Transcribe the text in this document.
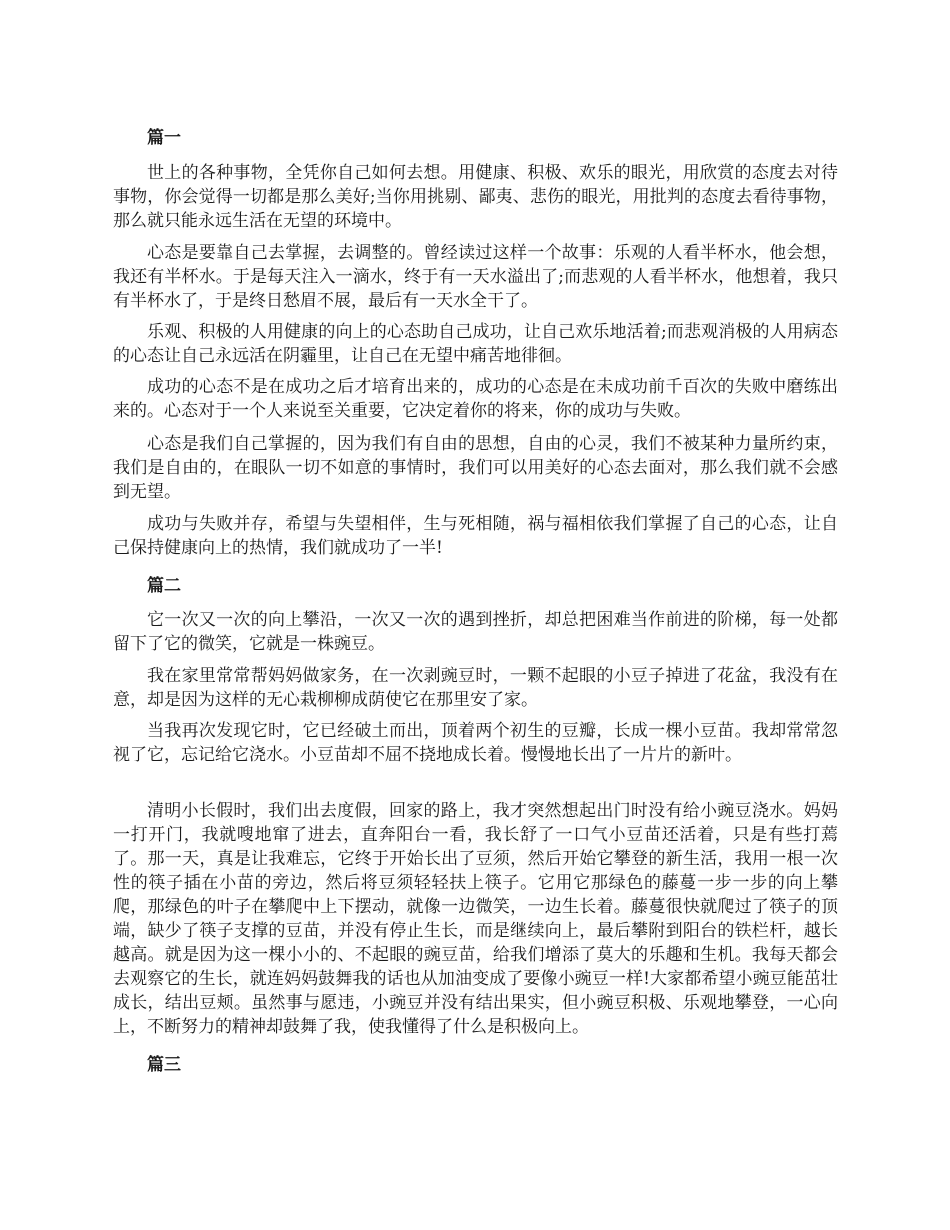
篇一

世上的各种事物，全凭你自己如何去想。用健康、积极、欢乐的眼光，用欣赏的态度去对待事物，你会觉得一切都是那么美好;当你用挑剔、鄙夷、悲伤的眼光，用批判的态度去看待事物，那么就只能永远生活在无望的环境中。

心态是要靠自己去掌握，去调整的。曾经读过这样一个故事：乐观的人看半杯水，他会想，我还有半杯水。于是每天注入一滴水，终于有一天水溢出了;而悲观的人看半杯水，他想着，我只有半杯水了，于是终日愁眉不展，最后有一天水全干了。

乐观、积极的人用健康的向上的心态助自己成功，让自己欢乐地活着;而悲观消极的人用病态的心态让自己永远活在阴霾里，让自己在无望中痛苦地徘徊。

成功的心态不是在成功之后才培育出来的，成功的心态是在未成功前千百次的失败中磨练出来的。心态对于一个人来说至关重要，它决定着你的将来，你的成功与失败。

心态是我们自己掌握的，因为我们有自由的思想，自由的心灵，我们不被某种力量所约束，我们是自由的，在眼队一切不如意的事情时，我们可以用美好的心态去面对，那么我们就不会感到无望。

成功与失败并存，希望与失望相伴，生与死相随，祸与福相依我们掌握了自己的心态，让自己保持健康向上的热情，我们就成功了一半!

篇二

它一次又一次的向上攀沿，一次又一次的遇到挫折，却总把困难当作前进的阶梯，每一处都留下了它的微笑，它就是一株豌豆。

我在家里常常帮妈妈做家务，在一次剥豌豆时，一颗不起眼的小豆子掉进了花盆，我没有在意，却是因为这样的无心栽柳柳成荫使它在那里安了家。

当我再次发现它时，它已经破土而出，顶着两个初生的豆瓣，长成一棵小豆苗。我却常常忽视了它，忘记给它浇水。小豆苗却不屈不挠地成长着。慢慢地长出了一片片的新叶。

清明小长假时，我们出去度假，回家的路上，我才突然想起出门时没有给小豌豆浇水。妈妈一打开门，我就嗖地窜了进去，直奔阳台一看，我长舒了一口气小豆苗还活着，只是有些打蔫了。那一天，真是让我难忘，它终于开始长出了豆须，然后开始它攀登的新生活，我用一根一次性的筷子插在小苗的旁边，然后将豆须轻轻扶上筷子。它用它那绿色的藤蔓一步一步的向上攀爬，那绿色的叶子在攀爬中上下摆动，就像一边微笑，一边生长着。藤蔓很快就爬过了筷子的顶端，缺少了筷子支撑的豆苗，并没有停止生长，而是继续向上，最后攀附到阳台的铁栏杆，越长越高。就是因为这一棵小小的、不起眼的豌豆苗，给我们增添了莫大的乐趣和生机。我每天都会去观察它的生长，就连妈妈鼓舞我的话也从加油变成了要像小豌豆一样!大家都希望小豌豆能茁壮成长，结出豆颊。虽然事与愿违，小豌豆并没有结出果实，但小豌豆积极、乐观地攀登，一心向上，不断努力的精神却鼓舞了我，使我懂得了什么是积极向上。

篇三
